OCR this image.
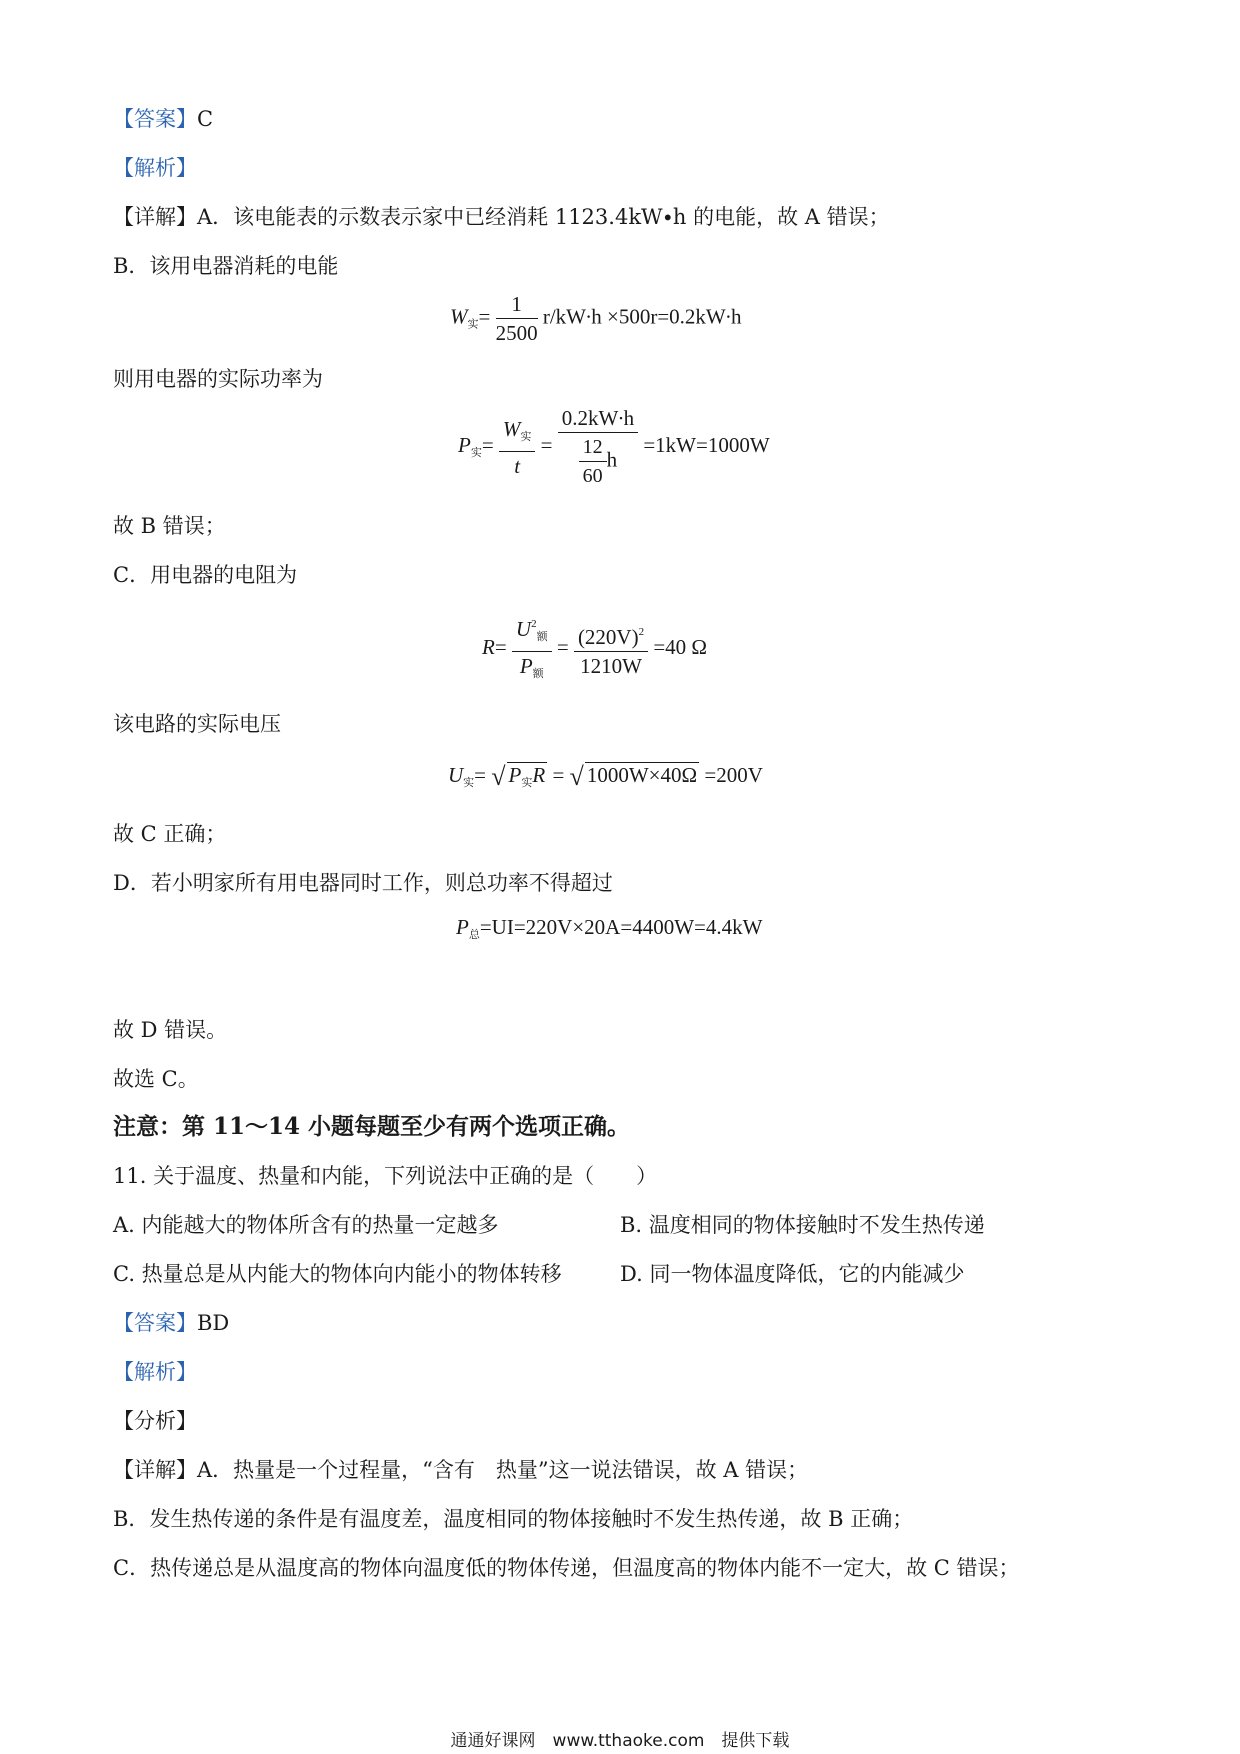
【答案】C
【解析】
【详解】A．该电能表的示数表示家中已经消耗 1123.4kW∙h 的电能，故 A 错误；
B．该用电器消耗的电能
$W_实= \frac{1}{2500} r/kW\cdot h \times 500r=0.2kW\cdot h$
则用电器的实际功率为
$P_实= \frac{W_实}{t} = \frac{0.2kW\cdot h}{\frac{12}{60} h} =1kW=1000W$
故 B 错误；
C．用电器的电阻为
$R= \frac{U^2_额}{P_额} = \frac{(220V)^2}{1210W} =40$ Ω
该电路的实际电压
$U_实=$ √ $P_实R$ = √ 1000W×40Ω =200V
故 C 正确；
D．若小明家所有用电器同时工作，则总功率不得超过
$P_总=UI=220V\times 20A=4400W=4.4kW$
故 D 错误。
故选 C。
注意：第 11～14 小题每题至少有两个选项正确。
11. 关于温度、热量和内能，下列说法中正确的是（　　）
A. 内能越大的物体所含有的热量一定越多	B. 温度相同的物体接触时不发生热传递
C. 热量总是从内能大的物体向内能小的物体转移	D. 同一物体温度降低，它的内能减少
【答案】BD
【解析】
【分析】
【详解】A．热量是一个过程量，“含有　热量”这一说法错误，故 A 错误；
B．发生热传递的条件是有温度差，温度相同的物体接触时不发生热传递，故 B 正确；
C．热传递总是从温度高的物体向温度低的物体传递，但温度高的物体内能不一定大，故 C 错误；
通通好课网　www.tthaoke.com　提供下载
